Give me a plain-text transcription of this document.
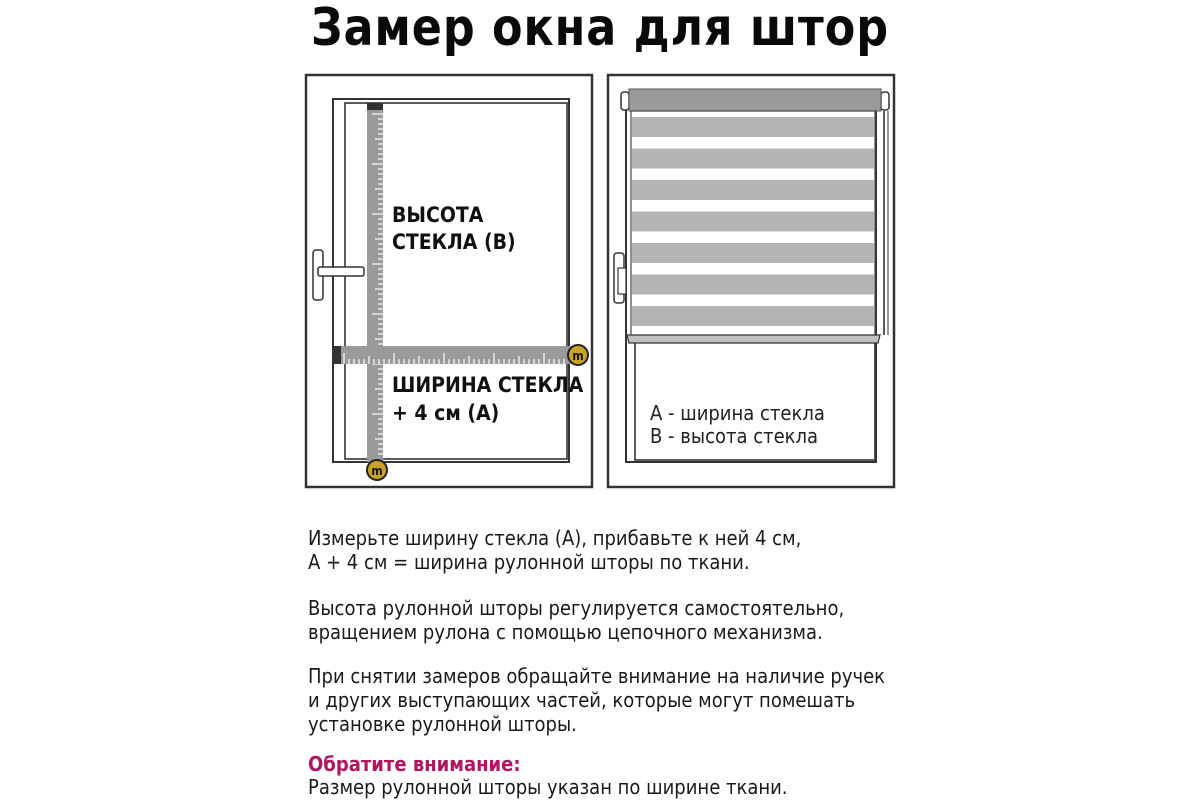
Замер окна для штор
m
m
ВЫСОТА
СТЕКЛА (В)
ШИРИНА СТЕКЛА
+ 4 см (А)	А - ширина стекла
В - высота стекла
Измерьте ширину стекла (А), прибавьте к ней 4 см,
А + 4 см = ширина рулонной шторы по ткани.
Высота рулонной шторы регулируется самостоятельно,
вращением рулона с помощью цепочного механизма.
При снятии замеров обращайте внимание на наличие ручек
и других выступающих частей, которые могут помешать
установке рулонной шторы.
Обратите внимание:
Размер рулонной шторы указан по ширине ткани.
